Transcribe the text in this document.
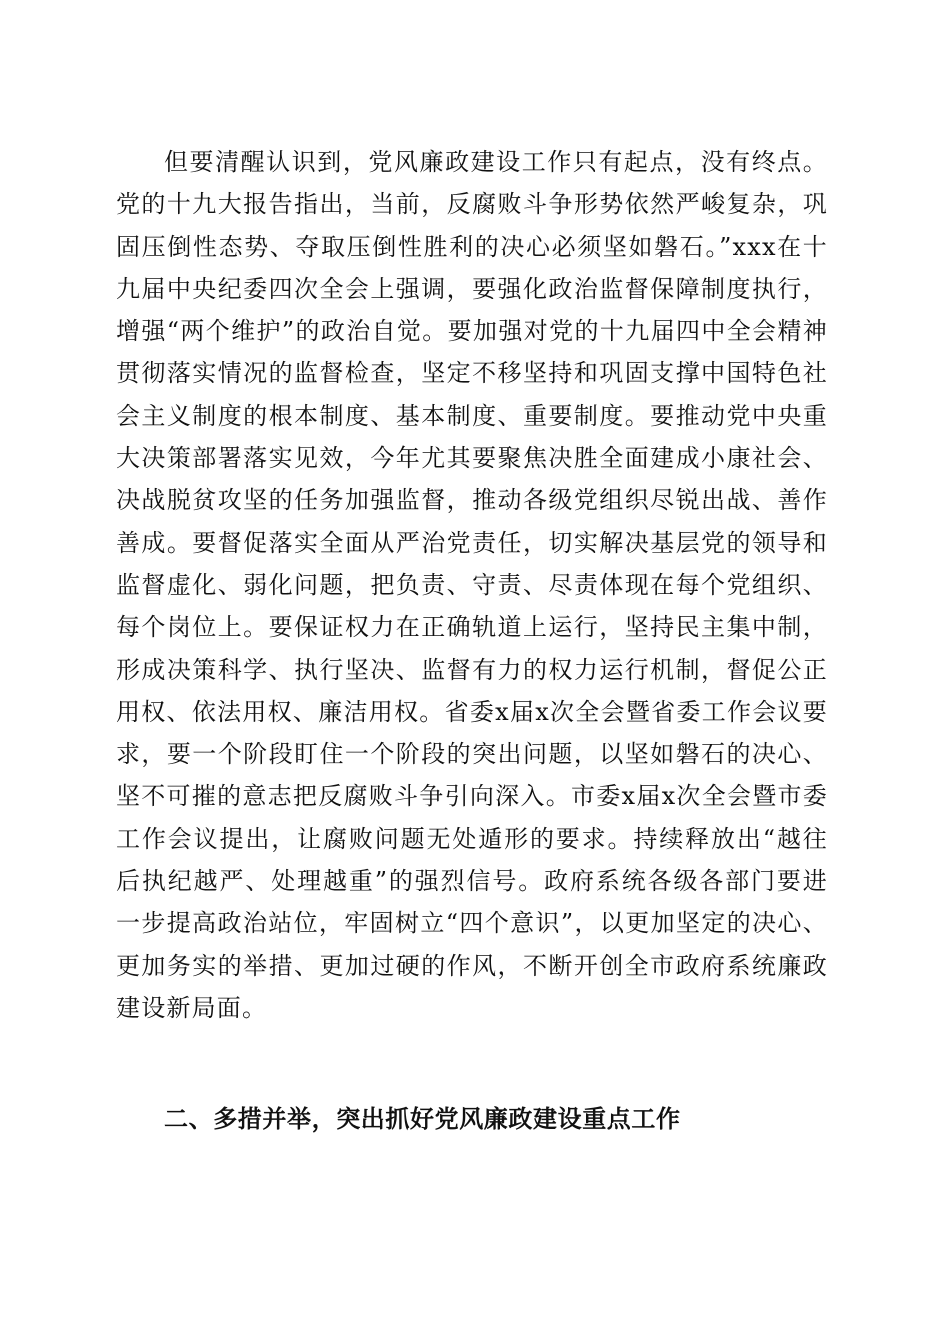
但要清醒认识到，党风廉政建设工作只有起点，没有终点。党的十九大报告指出，当前，反腐败斗争形势依然严峻复杂，巩固压倒性态势、夺取压倒性胜利的决心必须坚如磐石。”xxx在十九届中央纪委四次全会上强调，要强化政治监督保障制度执行，增强“两个维护”的政治自觉。要加强对党的十九届四中全会精神贯彻落实情况的监督检查，坚定不移坚持和巩固支撑中国特色社会主义制度的根本制度、基本制度、重要制度。要推动党中央重大决策部署落实见效，今年尤其要聚焦决胜全面建成小康社会、决战脱贫攻坚的任务加强监督，推动各级党组织尽锐出战、善作善成。要督促落实全面从严治党责任，切实解决基层党的领导和监督虚化、弱化问题，把负责、守责、尽责体现在每个党组织、每个岗位上。要保证权力在正确轨道上运行，坚持民主集中制，形成决策科学、执行坚决、监督有力的权力运行机制，督促公正用权、依法用权、廉洁用权。省委x届x次全会暨省委工作会议要求，要一个阶段盯住一个阶段的突出问题，以坚如磐石的决心、坚不可摧的意志把反腐败斗争引向深入。市委x届x次全会暨市委工作会议提出，让腐败问题无处遁形的要求。持续释放出“越往后执纪越严、处理越重”的强烈信号。政府系统各级各部门要进一步提高政治站位，牢固树立“四个意识”，以更加坚定的决心、更加务实的举措、更加过硬的作风，不断开创全市政府系统廉政建设新局面。

二、多措并举，突出抓好党风廉政建设重点工作
